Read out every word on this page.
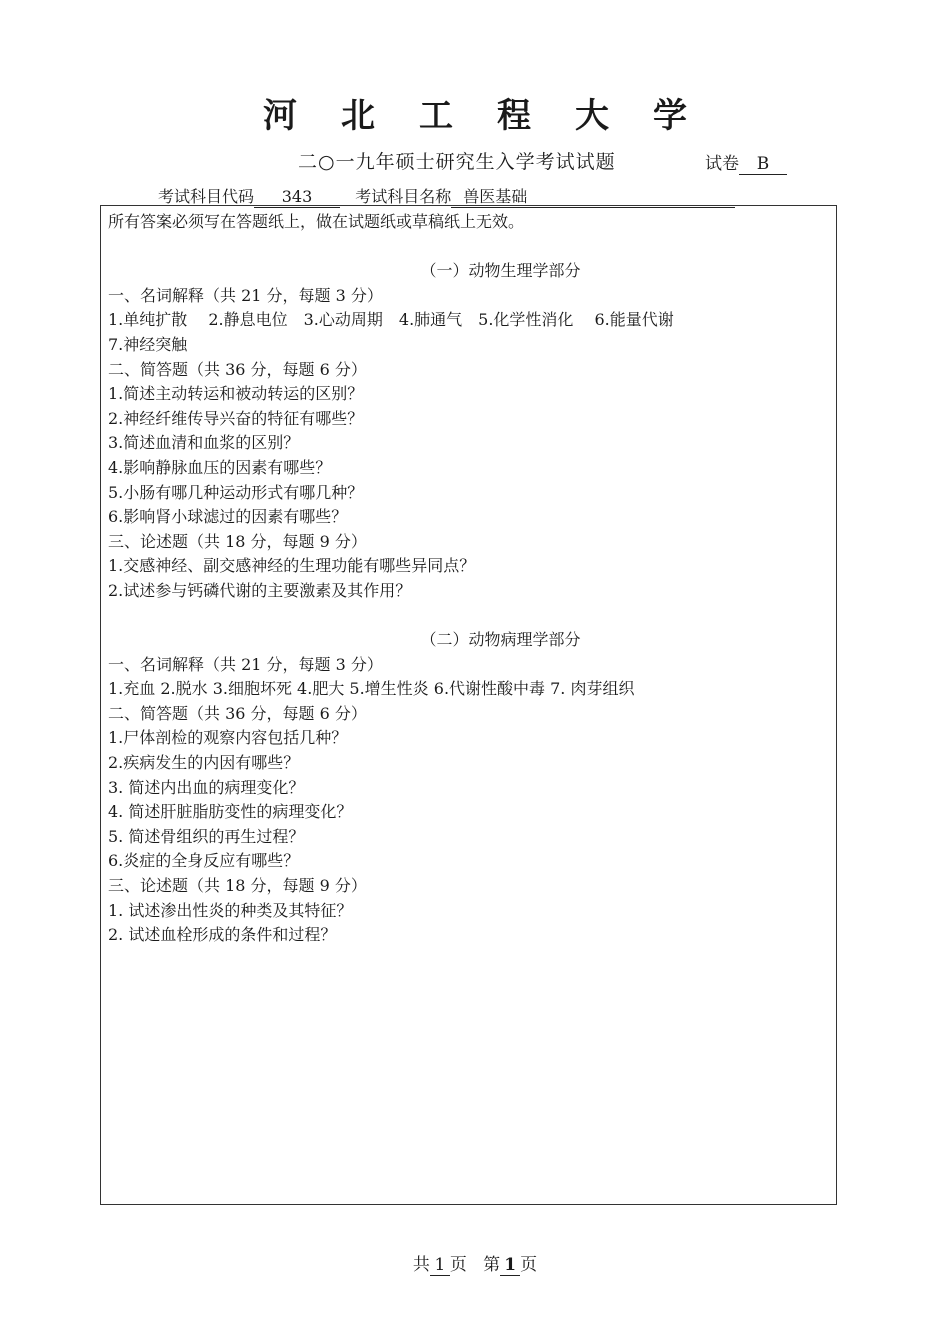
河北工程大学
二○一九年硕士研究生入学考试试题	试卷 B
考试科目代码 343	考试科目名称 兽医基础
所有答案必须写在答题纸上，做在试题纸或草稿纸上无效。
（一）动物生理学部分
一、名词解释（共 21 分，每题 3 分）
1.单纯扩散　 2.静息电位　3.心动周期　4.肺通气　5.化学性消化　 6.能量代谢
7.神经突触
二、简答题（共 36 分，每题 6 分）
1.简述主动转运和被动转运的区别？
2.神经纤维传导兴奋的特征有哪些？
3.简述血清和血浆的区别？
4.影响静脉血压的因素有哪些？
5.小肠有哪几种运动形式有哪几种？
6.影响肾小球滤过的因素有哪些？
三、论述题（共 18 分，每题 9 分）
1.交感神经、副交感神经的生理功能有哪些异同点？
2.试述参与钙磷代谢的主要激素及其作用？
（二）动物病理学部分
一、名词解释（共 21 分，每题 3 分）
1.充血 2.脱水 3.细胞坏死 4.肥大 5.增生性炎 6.代谢性酸中毒 7. 肉芽组织
二、简答题（共 36 分，每题 6 分）
1.尸体剖检的观察内容包括几种？
2.疾病发生的内因有哪些？
3. 简述内出血的病理变化？
4. 简述肝脏脂肪变性的病理变化？
5. 简述骨组织的再生过程？
6.炎症的全身反应有哪些？
三、论述题（共 18 分，每题 9 分）
1. 试述渗出性炎的种类及其特征？
2. 试述血栓形成的条件和过程？
共 1 页 第 1 页
